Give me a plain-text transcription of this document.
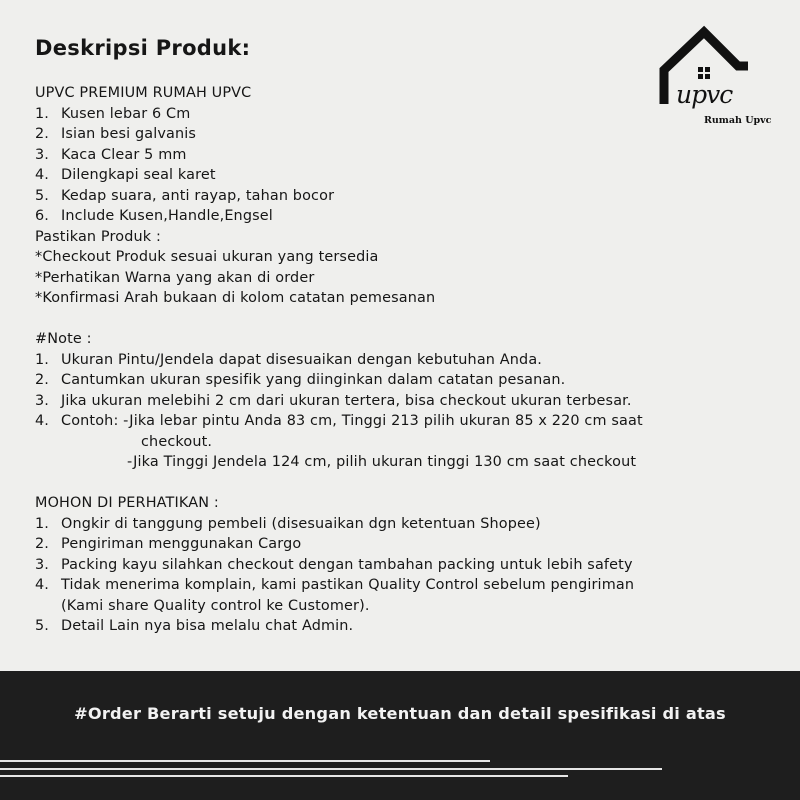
Deskripsi Produk:
upvc
Rumah Upvc
UPVC PREMIUM RUMAH UPVC
1. Kusen lebar 6 Cm
2. Isian besi galvanis
3. Kaca Clear 5 mm
4. Dilengkapi seal karet
5. Kedap suara, anti rayap, tahan bocor
6. Include Kusen,Handle,Engsel
Pastikan Produk :
*Checkout Produk sesuai ukuran yang tersedia
*Perhatikan Warna yang akan di order
*Konfirmasi Arah bukaan di kolom catatan pemesanan
#Note :
1. Ukuran Pintu/Jendela dapat disesuaikan dengan kebutuhan Anda.
2. Cantumkan ukuran spesifik yang diinginkan dalam catatan pesanan.
3. Jika ukuran melebihi 2 cm dari ukuran tertera, bisa checkout ukuran terbesar.
4. Contoh: -Jika lebar pintu Anda 83 cm, Tinggi 213 pilih ukuran 85 x 220 cm saat
checkout.
-Jika Tinggi Jendela 124 cm, pilih ukuran tinggi 130 cm saat checkout
MOHON DI PERHATIKAN :
1. Ongkir di tanggung pembeli (disesuaikan dgn ketentuan Shopee)
2. Pengiriman menggunakan Cargo
3. Packing kayu silahkan checkout dengan tambahan packing untuk lebih safety
4. Tidak menerima komplain, kami pastikan Quality Control sebelum pengiriman
(Kami share Quality control ke Customer).
5. Detail Lain nya bisa melalu chat Admin.
#Order Berarti setuju dengan ketentuan dan detail spesifikasi di atas
